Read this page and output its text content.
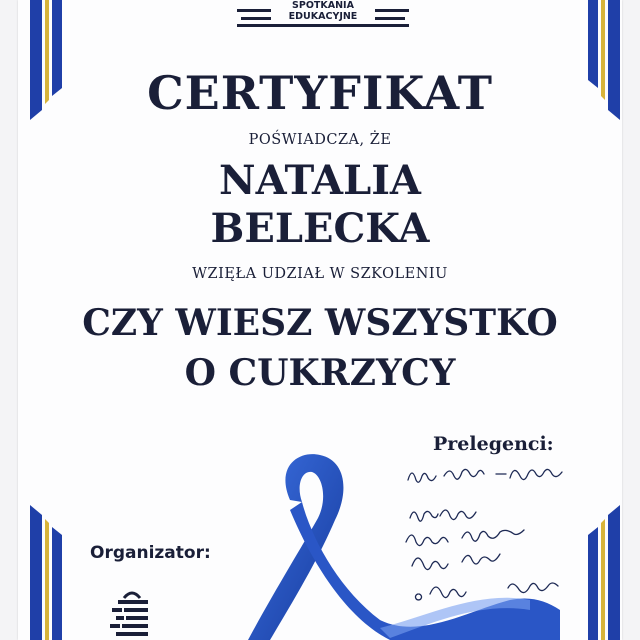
SPOTKANIA
EDUKACYJNE
CERTYFIKAT
POŚWIADCZA, ŻE
NATALIA
BELECKA
WZIĘŁA UDZIAŁ W SZKOLENIU
CZY WIESZ WSZYSTKO
O CUKRZYCY
Prelegenci:
Organizator:
